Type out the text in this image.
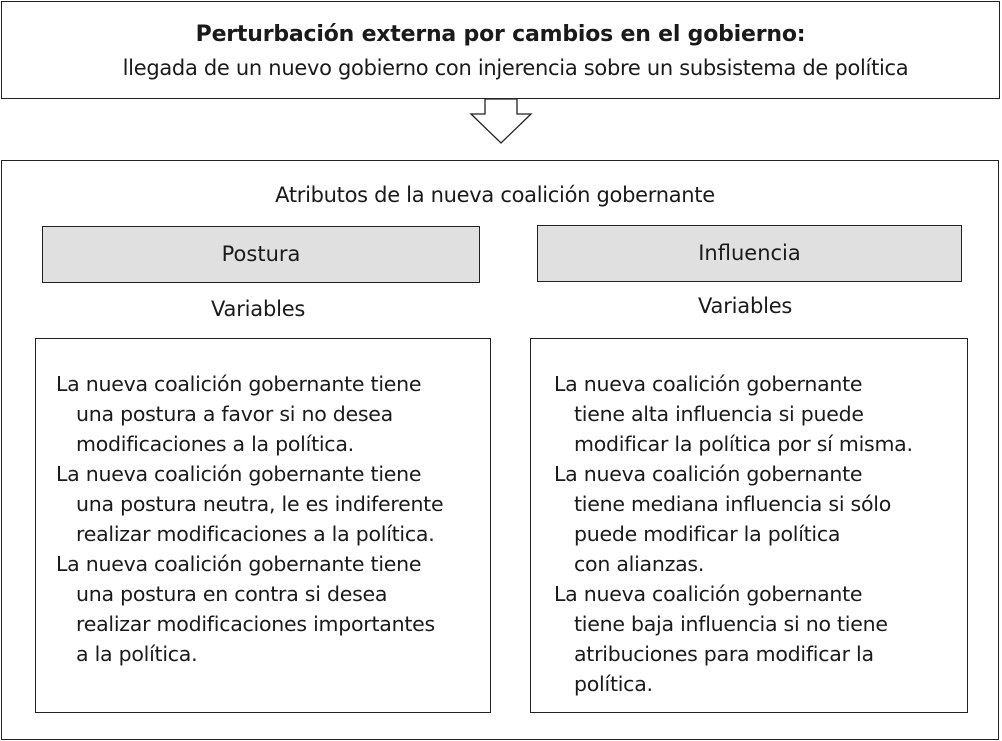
Perturbación externa por cambios en el gobierno:
llegada de un nuevo gobierno con injerencia sobre un subsistema de política
Atributos de la nueva coalición gobernante
Postura	Influencia
Variables	Variables

La nueva coalición gobernante tiene
una postura a favor si no desea
modificaciones a la política.

La nueva coalición gobernante tiene
una postura neutra, le es indiferente
realizar modificaciones a la política.

La nueva coalición gobernante tiene
una postura en contra si desea
realizar modificaciones importantes
a la política.

La nueva coalición gobernante
tiene alta influencia si puede
modificar la política por sí misma.

La nueva coalición gobernante
tiene mediana influencia si sólo
puede modificar la política
con alianzas.

La nueva coalición gobernante
tiene baja influencia si no tiene
atribuciones para modificar la
política.
